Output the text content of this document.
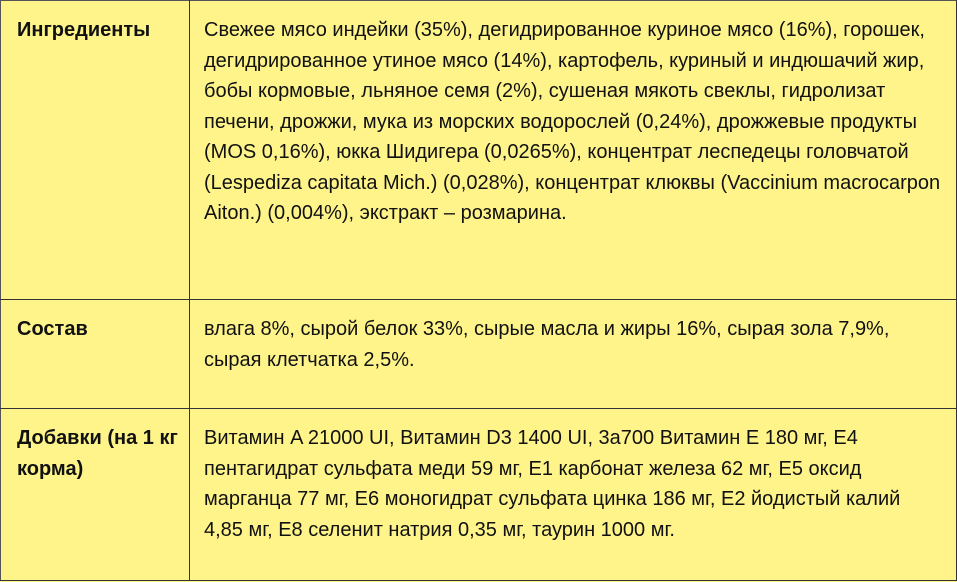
Ингредиенты	Свежее мясо индейки (35%), дегидрированное куриное мясо (16%), горошек, дегидрированное утиное мясо (14%), картофель, куриный и индюшачий жир, бобы кормовые, льняное семя (2%), сушеная мякоть свеклы, гидролизат печени, дрожжи, мука из морских водорослей (0,24%), дрожжевые продукты (MOS 0,16%), юкка Шидигера (0,0265%), концентрат леспедецы головчатой (Lespediza capitata Mich.) (0,028%), концентрат клюквы (Vaccinium macrocarpon Aiton.) (0,004%), экстракт – розмарина.

Состав	влага 8%, сырой белок 33%, сырые масла и жиры 16%, сырая зола 7,9%, сырая клетчатка 2,5%.

Добавки (на 1 кг корма)	Витамин A 21000 UI, Витамин D3 1400 UI, 3a700 Витамин E 180 мг, E4 пентагидрат сульфата меди 59 мг, E1 карбонат железа 62 мг, E5 оксид марганца 77 мг, E6 моногидрат сульфата цинка 186 мг, E2 йодистый калий 4,85 мг, E8 селенит натрия 0,35 мг, таурин 1000 мг.
